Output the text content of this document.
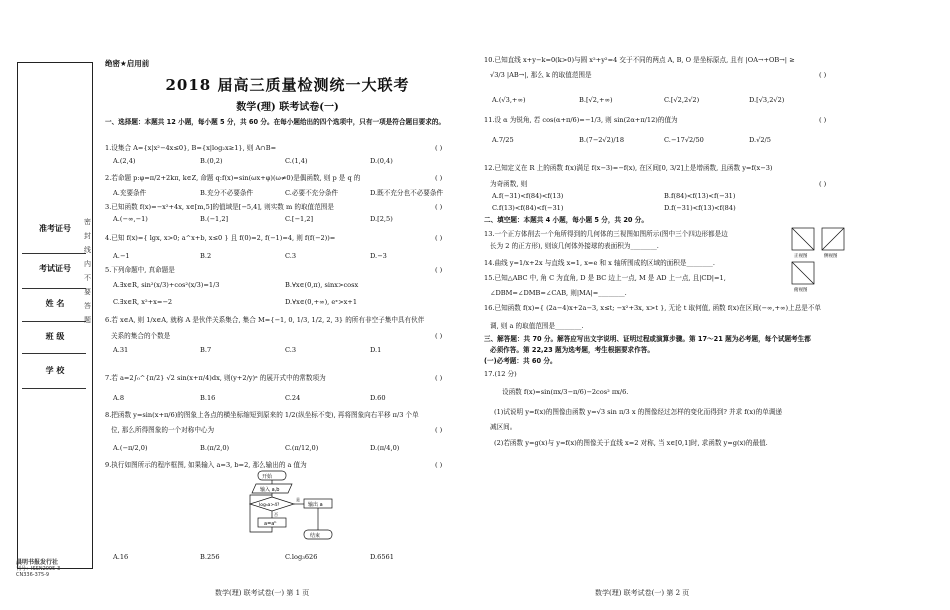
准考证号
考试证号
姓 名
班 级
学 校
密 封 线 内 不 要 答 题
晨明书报发行社
刊号：ISSN2095-3
CN336-375-9
绝密★启用前
2018 届高三质量检测统一大联考
数学(理) 联考试卷(一)
一、选择题：本题共 12 小题，每小题 5 分，共 60 分。在每小题给出的四个选项中，只有一项是符合题目要求的。
1.设集合 A={x|x²−4x≤0}, B={x|log₂x≥1}, 则 A∩B=	( )
A.(2,4)	B.(0,2)	C.(1,4)	D.(0,4)
2.若命题 p:φ=π/2+2kπ, k∈Z, 命题 q:f(x)=sin(ωx+φ)(ω≠0)是偶函数, 则 p 是 q 的	( )
A.充要条件	B.充分不必要条件	C.必要不充分条件	D.既不充分也不必要条件
3.已知函数 f(x)=−x²+4x, x∈[m,5]的值域是[−5,4], 则实数 m 的取值范围是	( )
A.(−∞,−1)	B.(−1,2]	C.[−1,2]	D.[2,5)
4.已知 f(x)={ lgx, x>0; a^x+b, x≤0 } 且 f(0)=2, f(−1)=4, 则 f(f(−2))=	( )
A.−1	B.2	C.3	D.−3
5.下列命题中, 真命题是	( )
A.∃x∈R, sin²(x/3)+cos²(x/3)=1/3	B.∀x∈(0,π), sinx>cosx
C.∃x∈R, x²+x=−2	D.∀x∈(0,+∞), eˣ>x+1
6.若 x∈A, 则 1/x∈A, 就称 A 是伙伴关系集合, 集合 M={−1, 0, 1/3, 1/2, 2, 3} 的所有非空子集中具有伙伴
关系的集合的个数是	( )
A.31	B.7	C.3	D.1
7.若 a=2∫₀^{π/2} √2 sin(x+π/4)dx, 则(y+2/y)ᵃ 的展开式中的常数项为	( )
A.8	B.16	C.24	D.60
8.把函数 y=sin(x+π/6)的图象上各点的横坐标缩短到原来的 1/2(纵坐标不变), 再将图象向右平移 π/3 个单
位, 那么所得图象的一个对称中心为	( )
A.(−π/2,0)	B.(π/2,0)	C.(π/12,0)	D.(π/4,0)
9.执行如图所示的程序框图, 如果输入 a=3, b=2, 那么输出的 a 值为	( )
A.16	B.256	C.log₃626	D.6561
开始
输入 a,b
log₃a>4?
是
否
输出 a
a=aᵇ
结束
数学(理) 联考试卷(一) 第 1 页
10.已知直线 x+y−k=0(k>0)与圆 x²+y²=4 交于不同的两点 A, B, O 是坐标原点, 且有 |OA→+OB→| ≥
√3/3 |AB→|, 那么 k 的取值范围是	( )
A.(√3,+∞)	B.[√2,+∞)	C.[√2,2√2)	D.[√3,2√2)
11.设 α 为锐角, 若 cos(α+π/6)=−1/3, 则 sin(2α+π/12)的值为	( )
A.7/25	B.(7−2√2)/18	C.−17√2/50	D.√2/5
12.已知定义在 R 上的函数 f(x)满足 f(x−3)=−f(x), 在区间[0, 3/2]上是增函数, 且函数 y=f(x−3)
为奇函数, 则	( )
A.f(−31)<f(84)<f(13)	B.f(84)<f(13)<f(−31)
C.f(13)<f(84)<f(−31)	D.f(−31)<f(13)<f(84)
二、填空题：本题共 4 小题，每小题 5 分，共 20 分。
13.一个正方体削去一个角所得到的几何体的三视图如图所示(图中三个四边形都是边
长为 2 的正方形), 则该几何体外接球的表面积为________.
14.曲线 y=1/x+2x 与直线 x=1, x=e 和 x 轴所围成的区域的面积是________.
15.已知△ABC 中, 角 C 为直角, D 是 BC 边上一点, M 是 AD 上一点, 且|CD|=1,
∠DBM=∠DMB=∠CAB, 则|MA|=________.
16.已知函数 f(x)={ (2a−4)x+2a−3, x≤t; −x²+3x, x>t }, 无论 t 取何值, 函数 f(x)在区间(−∞,+∞)上总是不单
调, 则 a 的取值范围是________.
三、解答题：共 70 分。解答应写出文字说明、证明过程或演算步骤。第 17～21 题为必考题，每个试题考生都
必须作答。第 22,23 题为选考题，考生根据要求作答。
(一)必考题：共 60 分。
17.(12 分)
设函数 f(x)=sin(πx/3−π/6)−2cos² πx/6.
(1)试说明 y=f(x)的图像由函数 y=√3 sin π/3 x 的图像经过怎样的变化而得到? 并求 f(x)的单调递
减区间。
(2)若函数 y=g(x)与 y=f(x)的图像关于直线 x=2 对称, 当 x∈[0,1]时, 求函数 y=g(x)的最值.
正视图	侧视图
俯视图
数学(理) 联考试卷(一) 第 2 页
